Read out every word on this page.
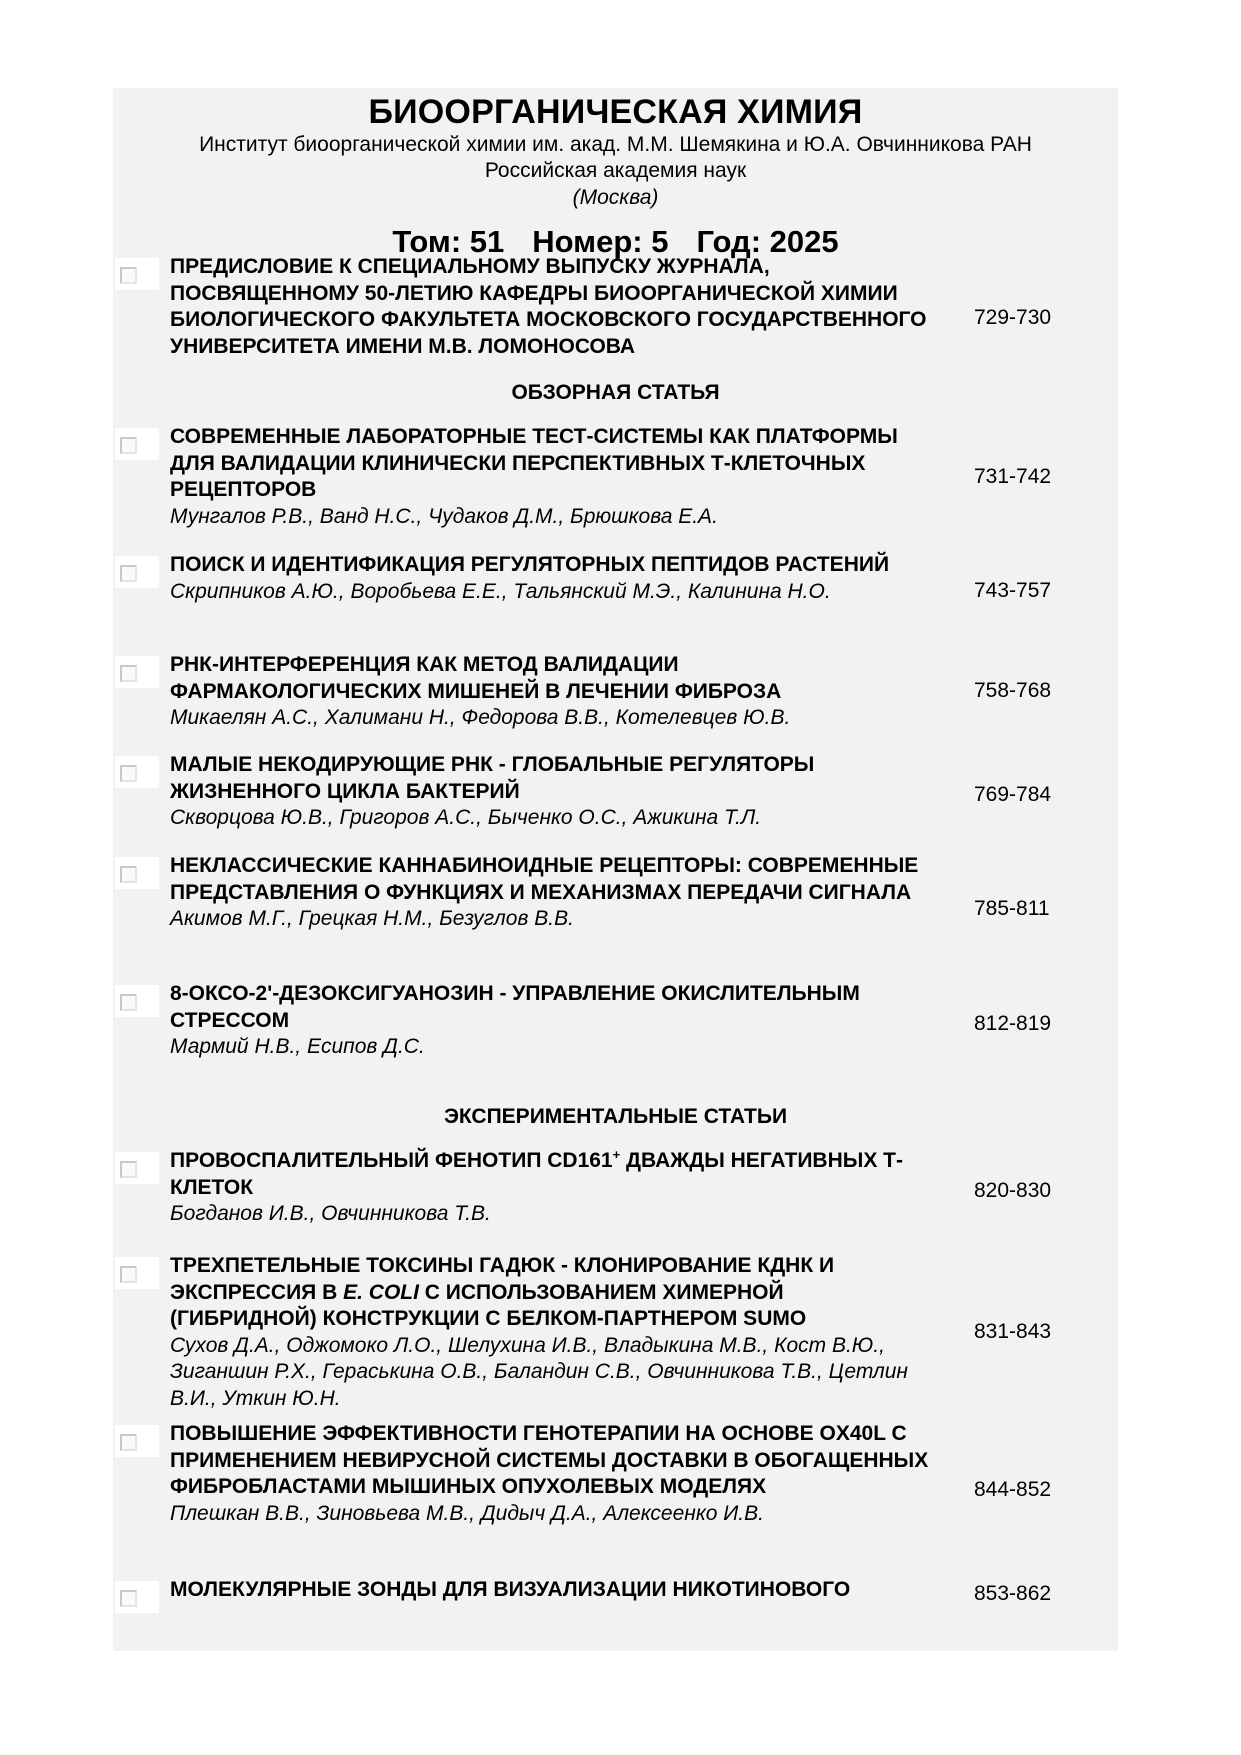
БИООРГАНИЧЕСКАЯ ХИМИЯ
Институт биоорганической химии им. акад. М.М. Шемякина и Ю.А. Овчинникова РАН
Российская академия наук
(Москва)
Том: 51 Номер: 5 Год: 2025
ПРЕДИСЛОВИЕ К СПЕЦИАЛЬНОМУ ВЫПУСКУ ЖУРНАЛА, ПОСВЯЩЕННОМУ 50-ЛЕТИЮ КАФЕДРЫ БИООРГАНИЧЕСКОЙ ХИМИИ БИОЛОГИЧЕСКОГО ФАКУЛЬТЕТА МОСКОВСКОГО ГОСУДАРСТВЕННОГО УНИВЕРСИТЕТА ИМЕНИ М.В. ЛОМОНОСОВА
729-730
ОБЗОРНАЯ СТАТЬЯ
СОВРЕМЕННЫЕ ЛАБОРАТОРНЫЕ ТЕСТ-СИСТЕМЫ КАК ПЛАТФОРМЫ ДЛЯ ВАЛИДАЦИИ КЛИНИЧЕСКИ ПЕРСПЕКТИВНЫХ Т-КЛЕТОЧНЫХ РЕЦЕПТОРОВ
Мунгалов Р.В., Ванд Н.С., Чудаков Д.М., Брюшкова Е.А.
731-742
ПОИСК И ИДЕНТИФИКАЦИЯ РЕГУЛЯТОРНЫХ ПЕПТИДОВ РАСТЕНИЙ
Скрипников А.Ю., Воробьева Е.Е., Тальянский М.Э., Калинина Н.О.	743-757
РНК-ИНТЕРФЕРЕНЦИЯ КАК МЕТОД ВАЛИДАЦИИ ФАРМАКОЛОГИЧЕСКИХ МИШЕНЕЙ В ЛЕЧЕНИИ ФИБРОЗА
Микаелян А.С., Халимани Н., Федорова В.В., Котелевцев Ю.В.
758-768
МАЛЫЕ НЕКОДИРУЮЩИЕ РНК - ГЛОБАЛЬНЫЕ РЕГУЛЯТОРЫ ЖИЗНЕННОГО ЦИКЛА БАКТЕРИЙ
Скворцова Ю.В., Григоров А.С., Быченко О.С., Ажикина Т.Л.
769-784
НЕКЛАССИЧЕСКИЕ КАННАБИНОИДНЫЕ РЕЦЕПТОРЫ: СОВРЕМЕННЫЕ ПРЕДСТАВЛЕНИЯ О ФУНКЦИЯХ И МЕХАНИЗМАХ ПЕРЕДАЧИ СИГНАЛА
Акимов М.Г., Грецкая Н.М., Безуглов В.В.	785-811
8-ОКСО-2'-ДЕЗОКСИГУАНОЗИН - УПРАВЛЕНИЕ ОКИСЛИТЕЛЬНЫМ СТРЕССОМ
Мармий Н.В., Есипов Д.С.
812-819
ЭКСПЕРИМЕНТАЛЬНЫЕ СТАТЬИ
ПРОВОСПАЛИТЕЛЬНЫЙ ФЕНОТИП CD161+ ДВАЖДЫ НЕГАТИВНЫХ Т-КЛЕТОК
Богданов И.В., Овчинникова Т.В.
820-830
ТРЕХПЕТЕЛЬНЫЕ ТОКСИНЫ ГАДЮК - КЛОНИРОВАНИЕ КДНК И ЭКСПРЕССИЯ В E. COLI С ИСПОЛЬЗОВАНИЕМ ХИМЕРНОЙ (ГИБРИДНОЙ) КОНСТРУКЦИИ С БЕЛКОМ-ПАРТНЕРОМ SUMO
Сухов Д.А., Оджомоко Л.О., Шелухина И.В., Владыкина М.В., Кост В.Ю., Зиганшин Р.Х., Гераськина О.В., Баландин С.В., Овчинникова Т.В., Цетлин В.И., Уткин Ю.Н.
831-843
ПОВЫШЕНИЕ ЭФФЕКТИВНОСТИ ГЕНОТЕРАПИИ НА ОСНОВЕ OX40L С ПРИМЕНЕНИЕМ НЕВИРУСНОЙ СИСТЕМЫ ДОСТАВКИ В ОБОГАЩЕННЫХ ФИБРОБЛАСТАМИ МЫШИНЫХ ОПУХОЛЕВЫХ МОДЕЛЯХ
Плешкан В.В., Зиновьева М.В., Дидыч Д.А., Алексеенко И.В.
844-852
МОЛЕКУЛЯРНЫЕ ЗОНДЫ ДЛЯ ВИЗУАЛИЗАЦИИ НИКОТИНОВОГО	853-862
